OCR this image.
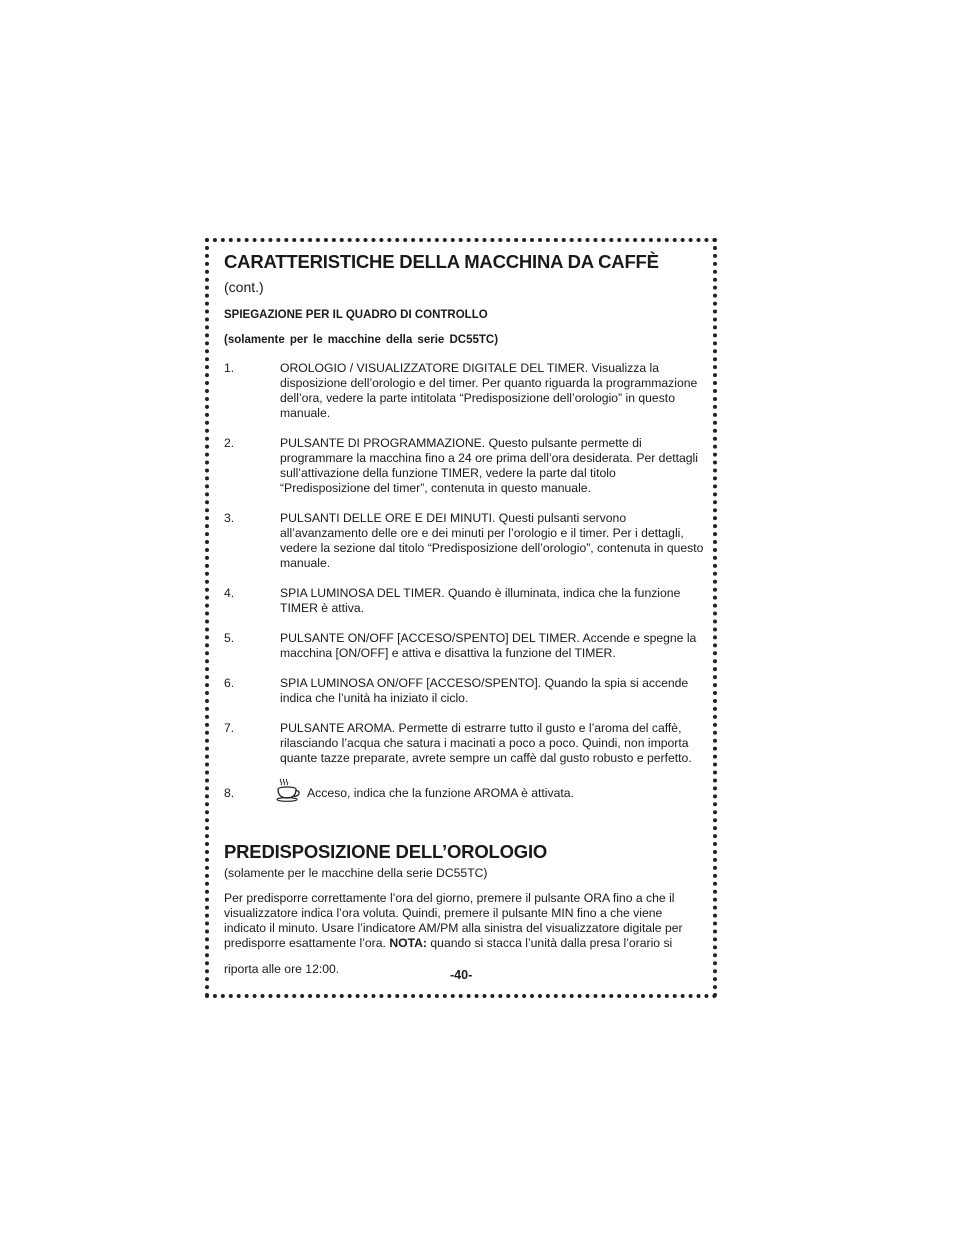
CARATTERISTICHE DELLA MACCHINA DA CAFFÈ
(cont.)
SPIEGAZIONE PER IL QUADRO DI CONTROLLO
(solamente per le macchine della serie DC55TC)
1.	OROLOGIO / VISUALIZZATORE DIGITALE DEL TIMER. Visualizza la disposizione dell’orologio e del timer. Per quanto riguarda la programmazione dell’ora, vedere la parte intitolata “Predisposizione dell’orologio” in questo manuale.
2.	PULSANTE DI PROGRAMMAZIONE. Questo pulsante permette di programmare la macchina fino a 24 ore prima dell’ora desiderata. Per dettagli sull’attivazione della funzione TIMER, vedere la parte dal titolo “Predisposizione del timer”, contenuta in questo manuale.
3.	PULSANTI DELLE ORE E DEI MINUTI. Questi pulsanti servono all’avanzamento delle ore e dei minuti per l’orologio e il timer. Per i dettagli, vedere la sezione dal titolo “Predisposizione dell’orologio”, contenuta in questo manuale.
4.	SPIA LUMINOSA DEL TIMER. Quando è illuminata, indica che la funzione TIMER è attiva.
5.	PULSANTE ON/OFF [ACCESO/SPENTO] DEL TIMER. Accende e spegne la macchina [ON/OFF] e attiva e disattiva la funzione del TIMER.
6.	SPIA LUMINOSA ON/OFF [ACCESO/SPENTO]. Quando la spia si accende indica che l’unità ha iniziato il ciclo.
7.	PULSANTE AROMA. Permette di estrarre tutto il gusto e l’aroma del caffè, rilasciando l’acqua che satura i macinati a poco a poco. Quindi, non importa quante tazze preparate, avrete sempre un caffè dal gusto robusto e perfetto.
8.	Acceso, indica che la funzione AROMA è attivata.
PREDISPOSIZIONE DELL’OROLOGIO
(solamente per le macchine della serie DC55TC)
Per predisporre correttamente l’ora del giorno, premere il pulsante ORA fino a che il visualizzatore indica l’ora voluta. Quindi, premere il pulsante MIN fino a che viene indicato il minuto. Usare l’indicatore AM/PM alla sinistra del visualizzatore digitale per predisporre esattamente l’ora. NOTA: quando si stacca l’unità dalla presa l’orario si
riporta alle ore 12:00.	-40-
